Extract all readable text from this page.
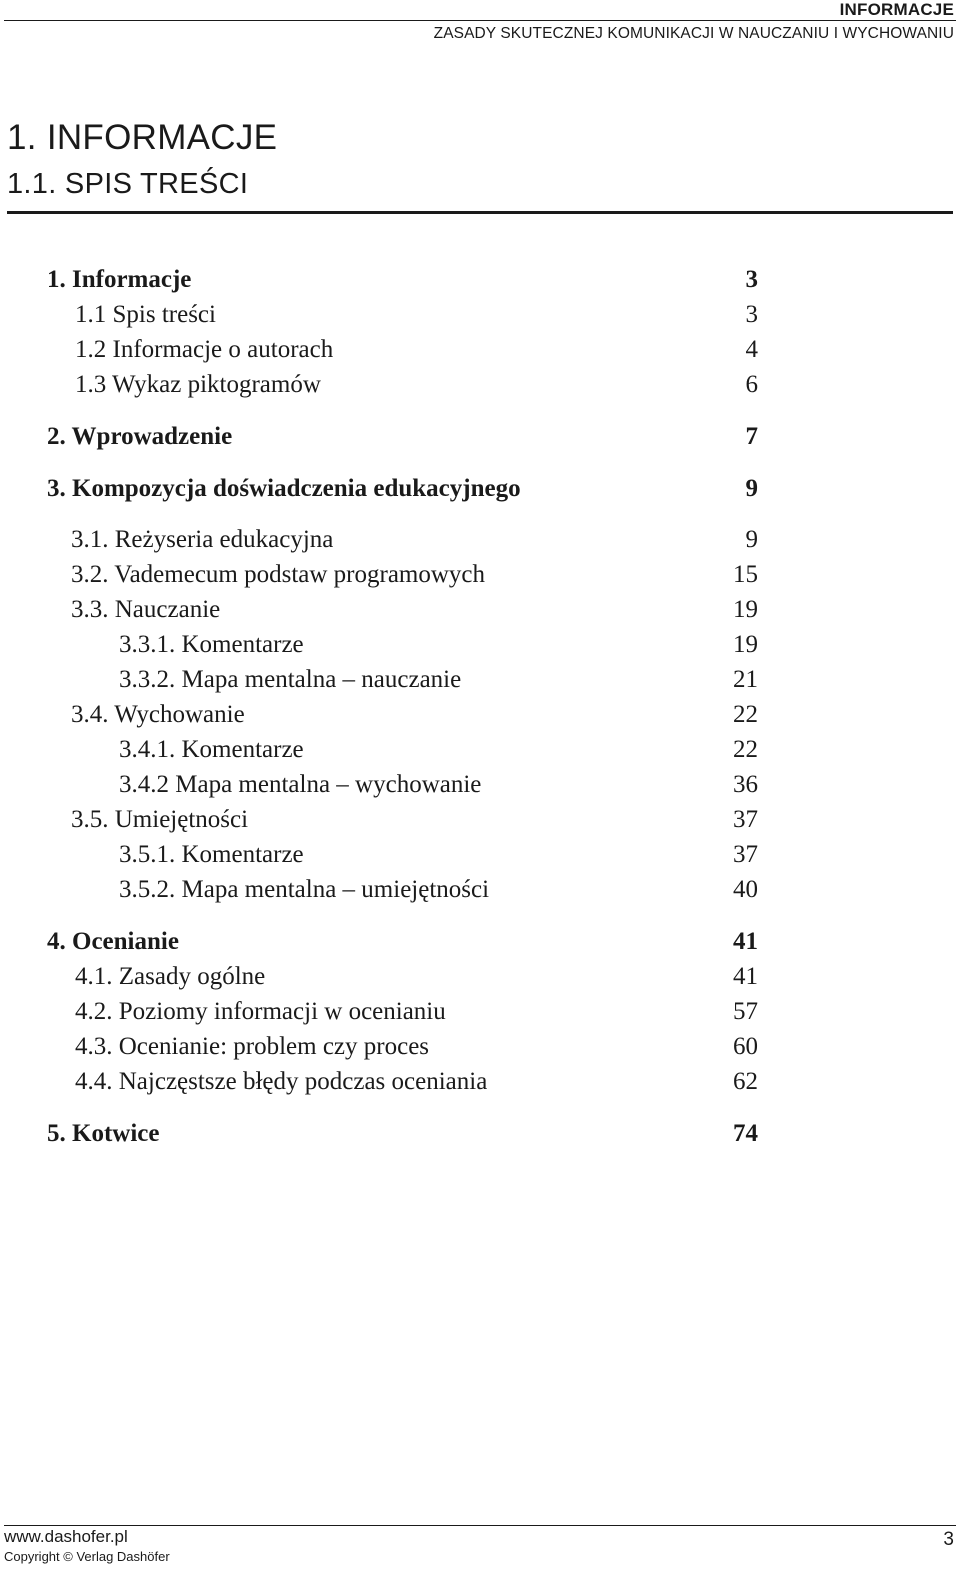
INFORMACJE
ZASADY SKUTECZNEJ KOMUNIKACJI W NAUCZANIU I WYCHOWANIU
1. INFORMACJE
1.1. SPIS TREŚCI
1. Informacje	3
1.1 Spis treści	3
1.2 Informacje o autorach	4
1.3 Wykaz piktogramów	6
2. Wprowadzenie	7
3. Kompozycja doświadczenia edukacyjnego	9
3.1. Reżyseria edukacyjna	9
3.2. Vademecum podstaw programowych	15
3.3. Nauczanie	19
3.3.1. Komentarze	19
3.3.2. Mapa mentalna – nauczanie	21
3.4. Wychowanie	22
3.4.1. Komentarze	22
3.4.2 Mapa mentalna – wychowanie	36
3.5. Umiejętności	37
3.5.1. Komentarze	37
3.5.2. Mapa mentalna – umiejętności	40
4. Ocenianie	41
4.1. Zasady ogólne	41
4.2. Poziomy informacji w ocenianiu	57
4.3. Ocenianie: problem czy proces	60
4.4. Najczęstsze błędy podczas oceniania	62
5. Kotwice	74
www.dashofer.pl
Copyright © Verlag Dashöfer
3
